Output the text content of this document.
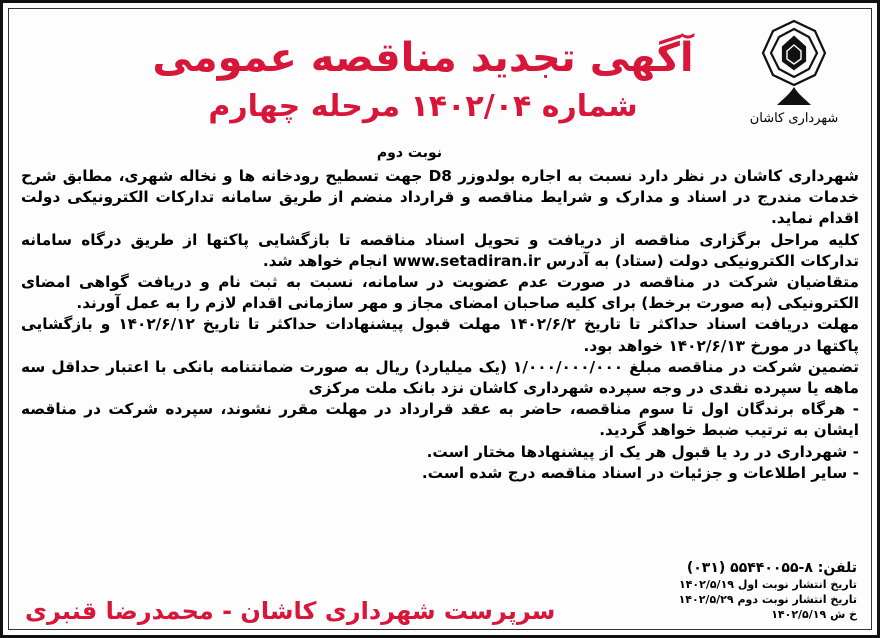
شهرداری کاشان
آگهی تجدید مناقصه عمومی
شماره ۱۴۰۲/۰۴ مرحله چهارم
نوبت دوم

شهرداری کاشان در نظر دارد نسبت به اجاره بولدوزر D8 جهت تسطیح رودخانه ها و نخاله شهری، مطابق شرح خدمات مندرج در اسناد و مدارک و شرایط مناقصه و قرارداد منضم از طریق سامانه تدارکات الکترونیکی دولت اقدام نماید.

کلیه مراحل برگزاری مناقصه از دریافت و تحویل اسناد مناقصه تا بازگشایی پاکتها از طریق درگاه سامانه تدارکات الکترونیکی دولت (ستاد) به آدرس www.setadiran.ir انجام خواهد شد.

متقاضیان شرکت در مناقصه در صورت عدم عضویت در سامانه، نسبت به ثبت نام و دریافت گواهی امضای الکترونیکی (به صورت برخط) برای کلیه صاحبان امضای مجاز و مهر سازمانی اقدام لازم را به عمل آورند.

مهلت دریافت اسناد حداکثر تا تاریخ ۱۴۰۲/۶/۲ مهلت قبول پیشنهادات حداکثر تا تاریخ ۱۴۰۲/۶/۱۲ و بازگشایی پاکتها در مورخ ۱۴۰۲/۶/۱۳ خواهد بود.

تضمین شرکت در مناقصه مبلغ ۱/۰۰۰/۰۰۰/۰۰۰ (یک میلیارد) ریال به صورت ضمانتنامه بانکی با اعتبار حداقل سه ماهه یا سپرده نقدی در وجه سپرده شهرداری کاشان نزد بانک ملت مرکزی

- هرگاه برندگان اول تا سوم مناقصه، حاضر به عقد قرارداد در مهلت مقرر نشوند، سپرده شرکت در مناقصه ایشان به ترتیب ضبط خواهد گردید.

- شهرداری در رد یا قبول هر یک از پیشنهادها مختار است.

- سایر اطلاعات و جزئیات در اسناد مناقصه درج شده است.

تلفن: ۸-۵۵۴۴۰۰۵۵ (۰۳۱)
تاریخ انتشار نوبت اول ۱۴۰۲/۵/۱۹
تاریخ انتشار نوبت دوم ۱۴۰۲/۵/۲۹
خ ش ۱۴۰۲/۵/۱۹
سرپرست شهرداری کاشان - محمدرضا قنبری
